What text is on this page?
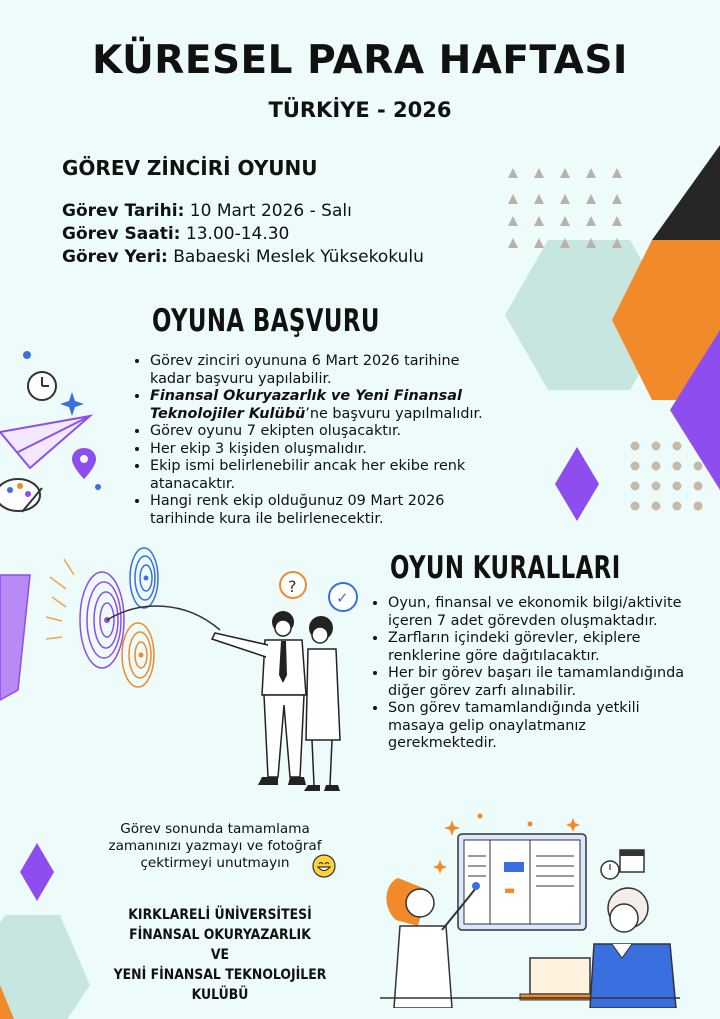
KÜRESEL PARA HAFTASI
TÜRKİYE - 2026
GÖREV ZİNCİRİ OYUNU
Görev Tarihi: 10 Mart 2026 - Salı
Görev Saati: 13.00-14.30
Görev Yeri: Babaeski Meslek Yüksekokulu
OYUNA BAŞVURU
• Görev zinciri oyununa 6 Mart 2026 tarihine kadar başvuru yapılabilir.
• Finansal Okuryazarlık ve Yeni Finansal Teknolojiler Kulübü’ne başvuru yapılmalıdır.
• Görev oyunu 7 ekipten oluşacaktır.
• Her ekip 3 kişiden oluşmalıdır.
• Ekip ismi belirlenebilir ancak her ekibe renk atanacaktır.
• Hangi renk ekip olduğunuz 09 Mart 2026 tarihinde kura ile belirlenecektir.
?
✓
OYUN KURALLARI
• Oyun, finansal ve ekonomik bilgi/aktivite içeren 7 adet görevden oluşmaktadır.
• Zarfların içindeki görevler, ekiplere renklerine göre dağıtılacaktır.
• Her bir görev başarı ile tamamlandığında diğer görev zarfı alınabilir.
• Son görev tamamlandığında yetkili masaya gelip onaylatmanız gerekmektedir.
Görev sonunda tamamlama zamanınızı yazmayı ve fotoğraf çektirmeyi unutmayın
KIRKLARELİ ÜNİVERSİTESİ
FİNANSAL OKURYAZARLIK
VE
YENİ FİNANSAL TEKNOLOJİLER KULÜBÜ
▬
